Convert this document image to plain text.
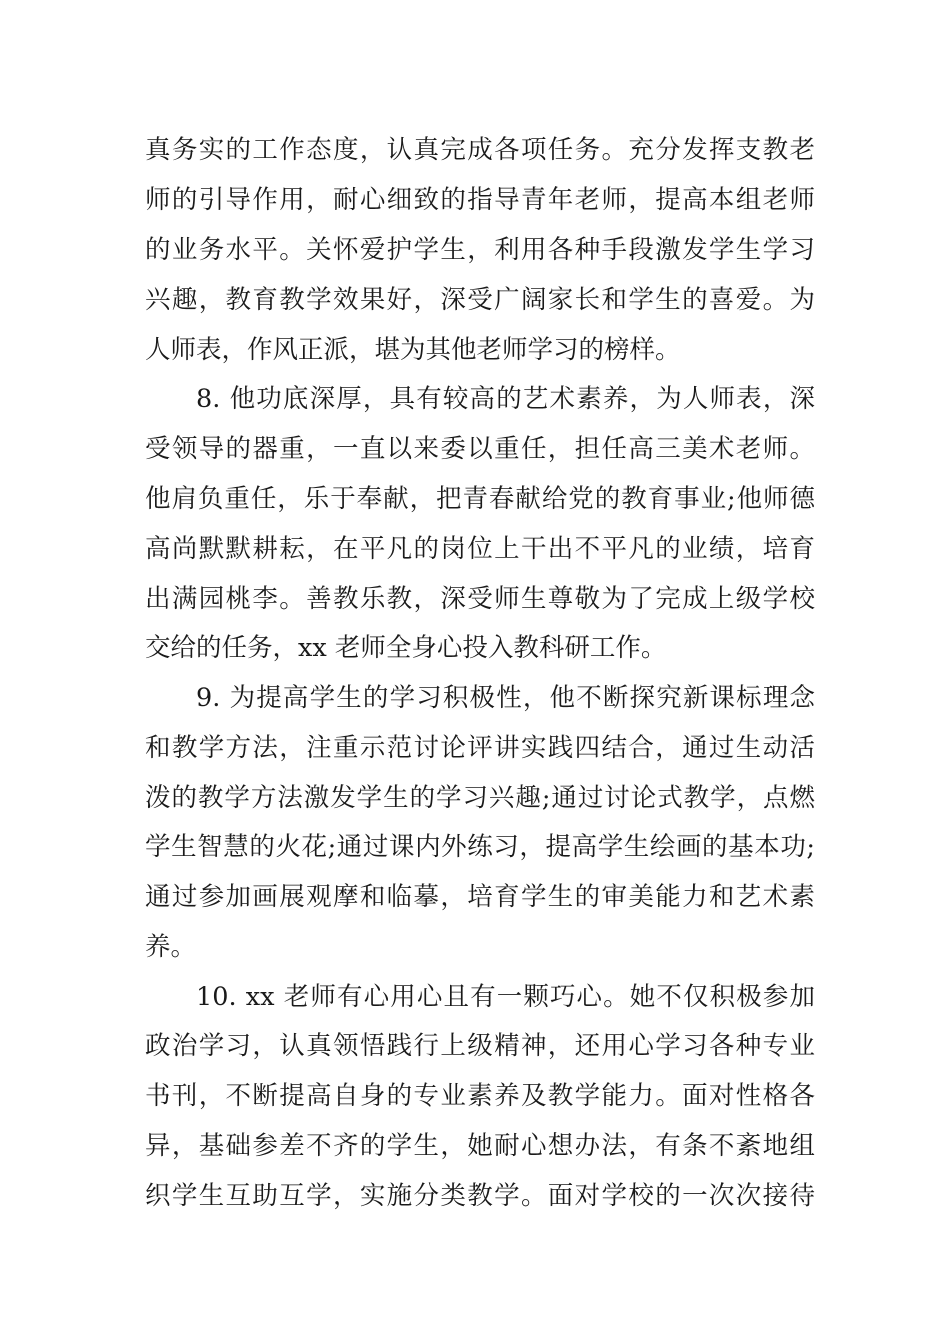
真务实的工作态度，认真完成各项任务。充分发挥支教老
师的引导作用，耐心细致的指导青年老师，提高本组老师
的业务水平。关怀爱护学生，利用各种手段激发学生学习
兴趣，教育教学效果好，深受广阔家长和学生的喜爱。为
人师表，作风正派，堪为其他老师学习的榜样。
8. 他功底深厚，具有较高的艺术素养，为人师表，深
受领导的器重，一直以来委以重任，担任高三美术老师。
他肩负重任，乐于奉献，把青春献给党的教育事业;他师德
高尚默默耕耘，在平凡的岗位上干出不平凡的业绩，培育
出满园桃李。善教乐教，深受师生尊敬为了完成上级学校
交给的任务，xx 老师全身心投入教科研工作。
9. 为提高学生的学习积极性，他不断探究新课标理念
和教学方法，注重示范讨论评讲实践四结合，通过生动活
泼的教学方法激发学生的学习兴趣;通过讨论式教学，点燃
学生智慧的火花;通过课内外练习，提高学生绘画的基本功;
通过参加画展观摩和临摹，培育学生的审美能力和艺术素
养。
10. xx 老师有心用心且有一颗巧心。她不仅积极参加
政治学习，认真领悟践行上级精神，还用心学习各种专业
书刊，不断提高自身的专业素养及教学能力。面对性格各
异，基础参差不齐的学生，她耐心想办法，有条不紊地组
织学生互助互学，实施分类教学。面对学校的一次次接待
